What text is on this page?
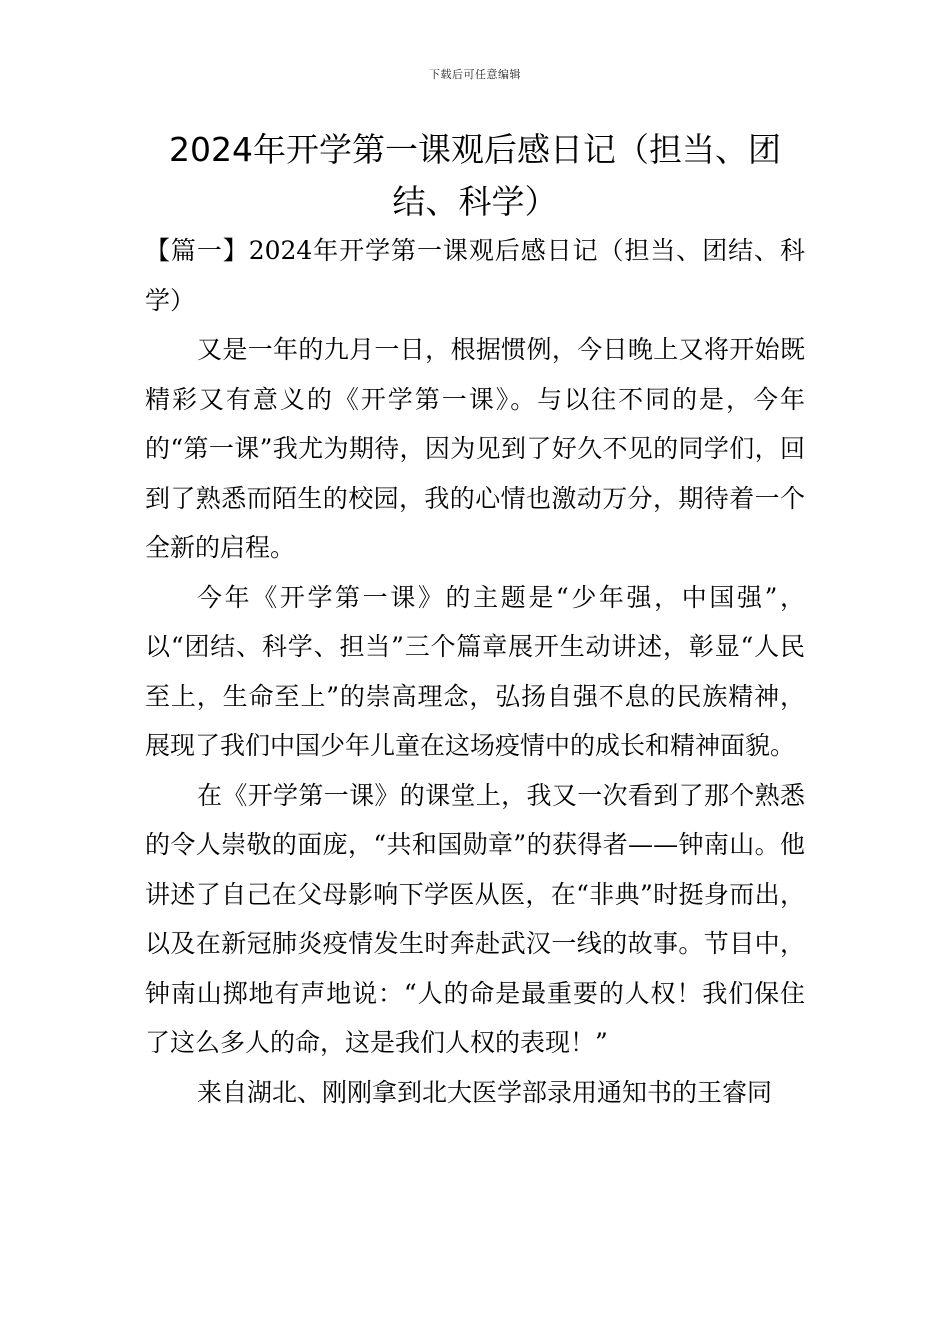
下载后可任意编辑
2024年开学第一课观后感日记（担当、团结、科学）

【篇一】2024年开学第一课观后感日记（担当、团结、科学）

又是一年的九月一日，根据惯例，今日晚上又将开始既精彩又有意义的《开学第一课》。与以往不同的是，今年的“第一课”我尤为期待，因为见到了好久不见的同学们，回到了熟悉而陌生的校园，我的心情也激动万分，期待着一个全新的启程。

今年《开学第一课》的主题是“少年强，中国强”，以“团结、科学、担当”三个篇章展开生动讲述，彰显“人民至上，生命至上”的崇高理念，弘扬自强不息的民族精神，展现了我们中国少年儿童在这场疫情中的成长和精神面貌。

在《开学第一课》的课堂上，我又一次看到了那个熟悉的令人崇敬的面庞，“共和国勋章”的获得者——钟南山。他讲述了自己在父母影响下学医从医，在“非典”时挺身而出，以及在新冠肺炎疫情发生时奔赴武汉一线的故事。节目中，钟南山掷地有声地说：“人的命是最重要的人权！我们保住了这么多人的命，这是我们人权的表现！”

来自湖北、刚刚拿到北大医学部录用通知书的王睿同
